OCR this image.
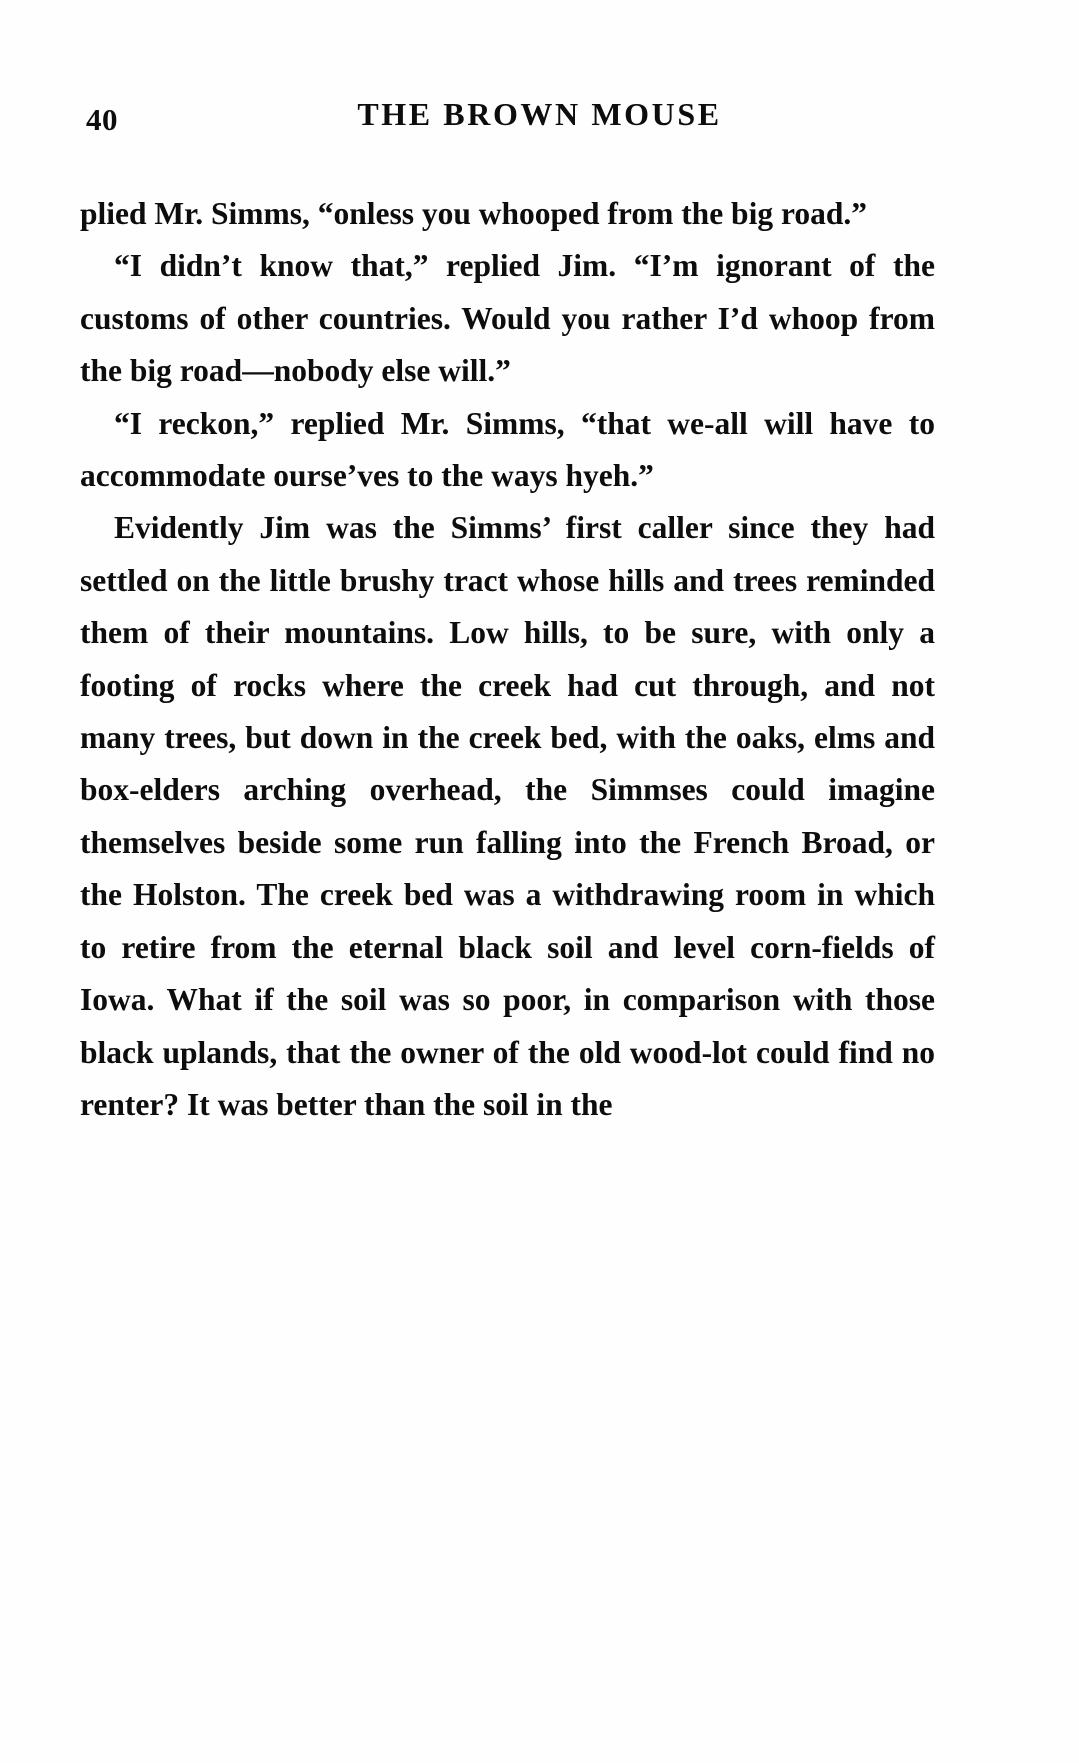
40	THE BROWN MOUSE

plied Mr. Simms, “onless you whooped from the big road.”

“I didn’t know that,” replied Jim. “I’m ignorant of the customs of other countries. Would you rather I’d whoop from the big road—nobody else will.”

“I reckon,” replied Mr. Simms, “that we-all will have to accommodate ourse’ves to the ways hyeh.”

Evidently Jim was the Simms’ first caller since they had settled on the little brushy tract whose hills and trees reminded them of their mountains. Low hills, to be sure, with only a footing of rocks where the creek had cut through, and not many trees, but down in the creek bed, with the oaks, elms and box-elders arching overhead, the Simmses could imagine themselves beside some run falling into the French Broad, or the Holston. The creek bed was a withdrawing room in which to retire from the eternal black soil and level corn-fields of Iowa. What if the soil was so poor, in comparison with those black uplands, that the owner of the old wood-lot could find no renter? It was better than the soil in the
